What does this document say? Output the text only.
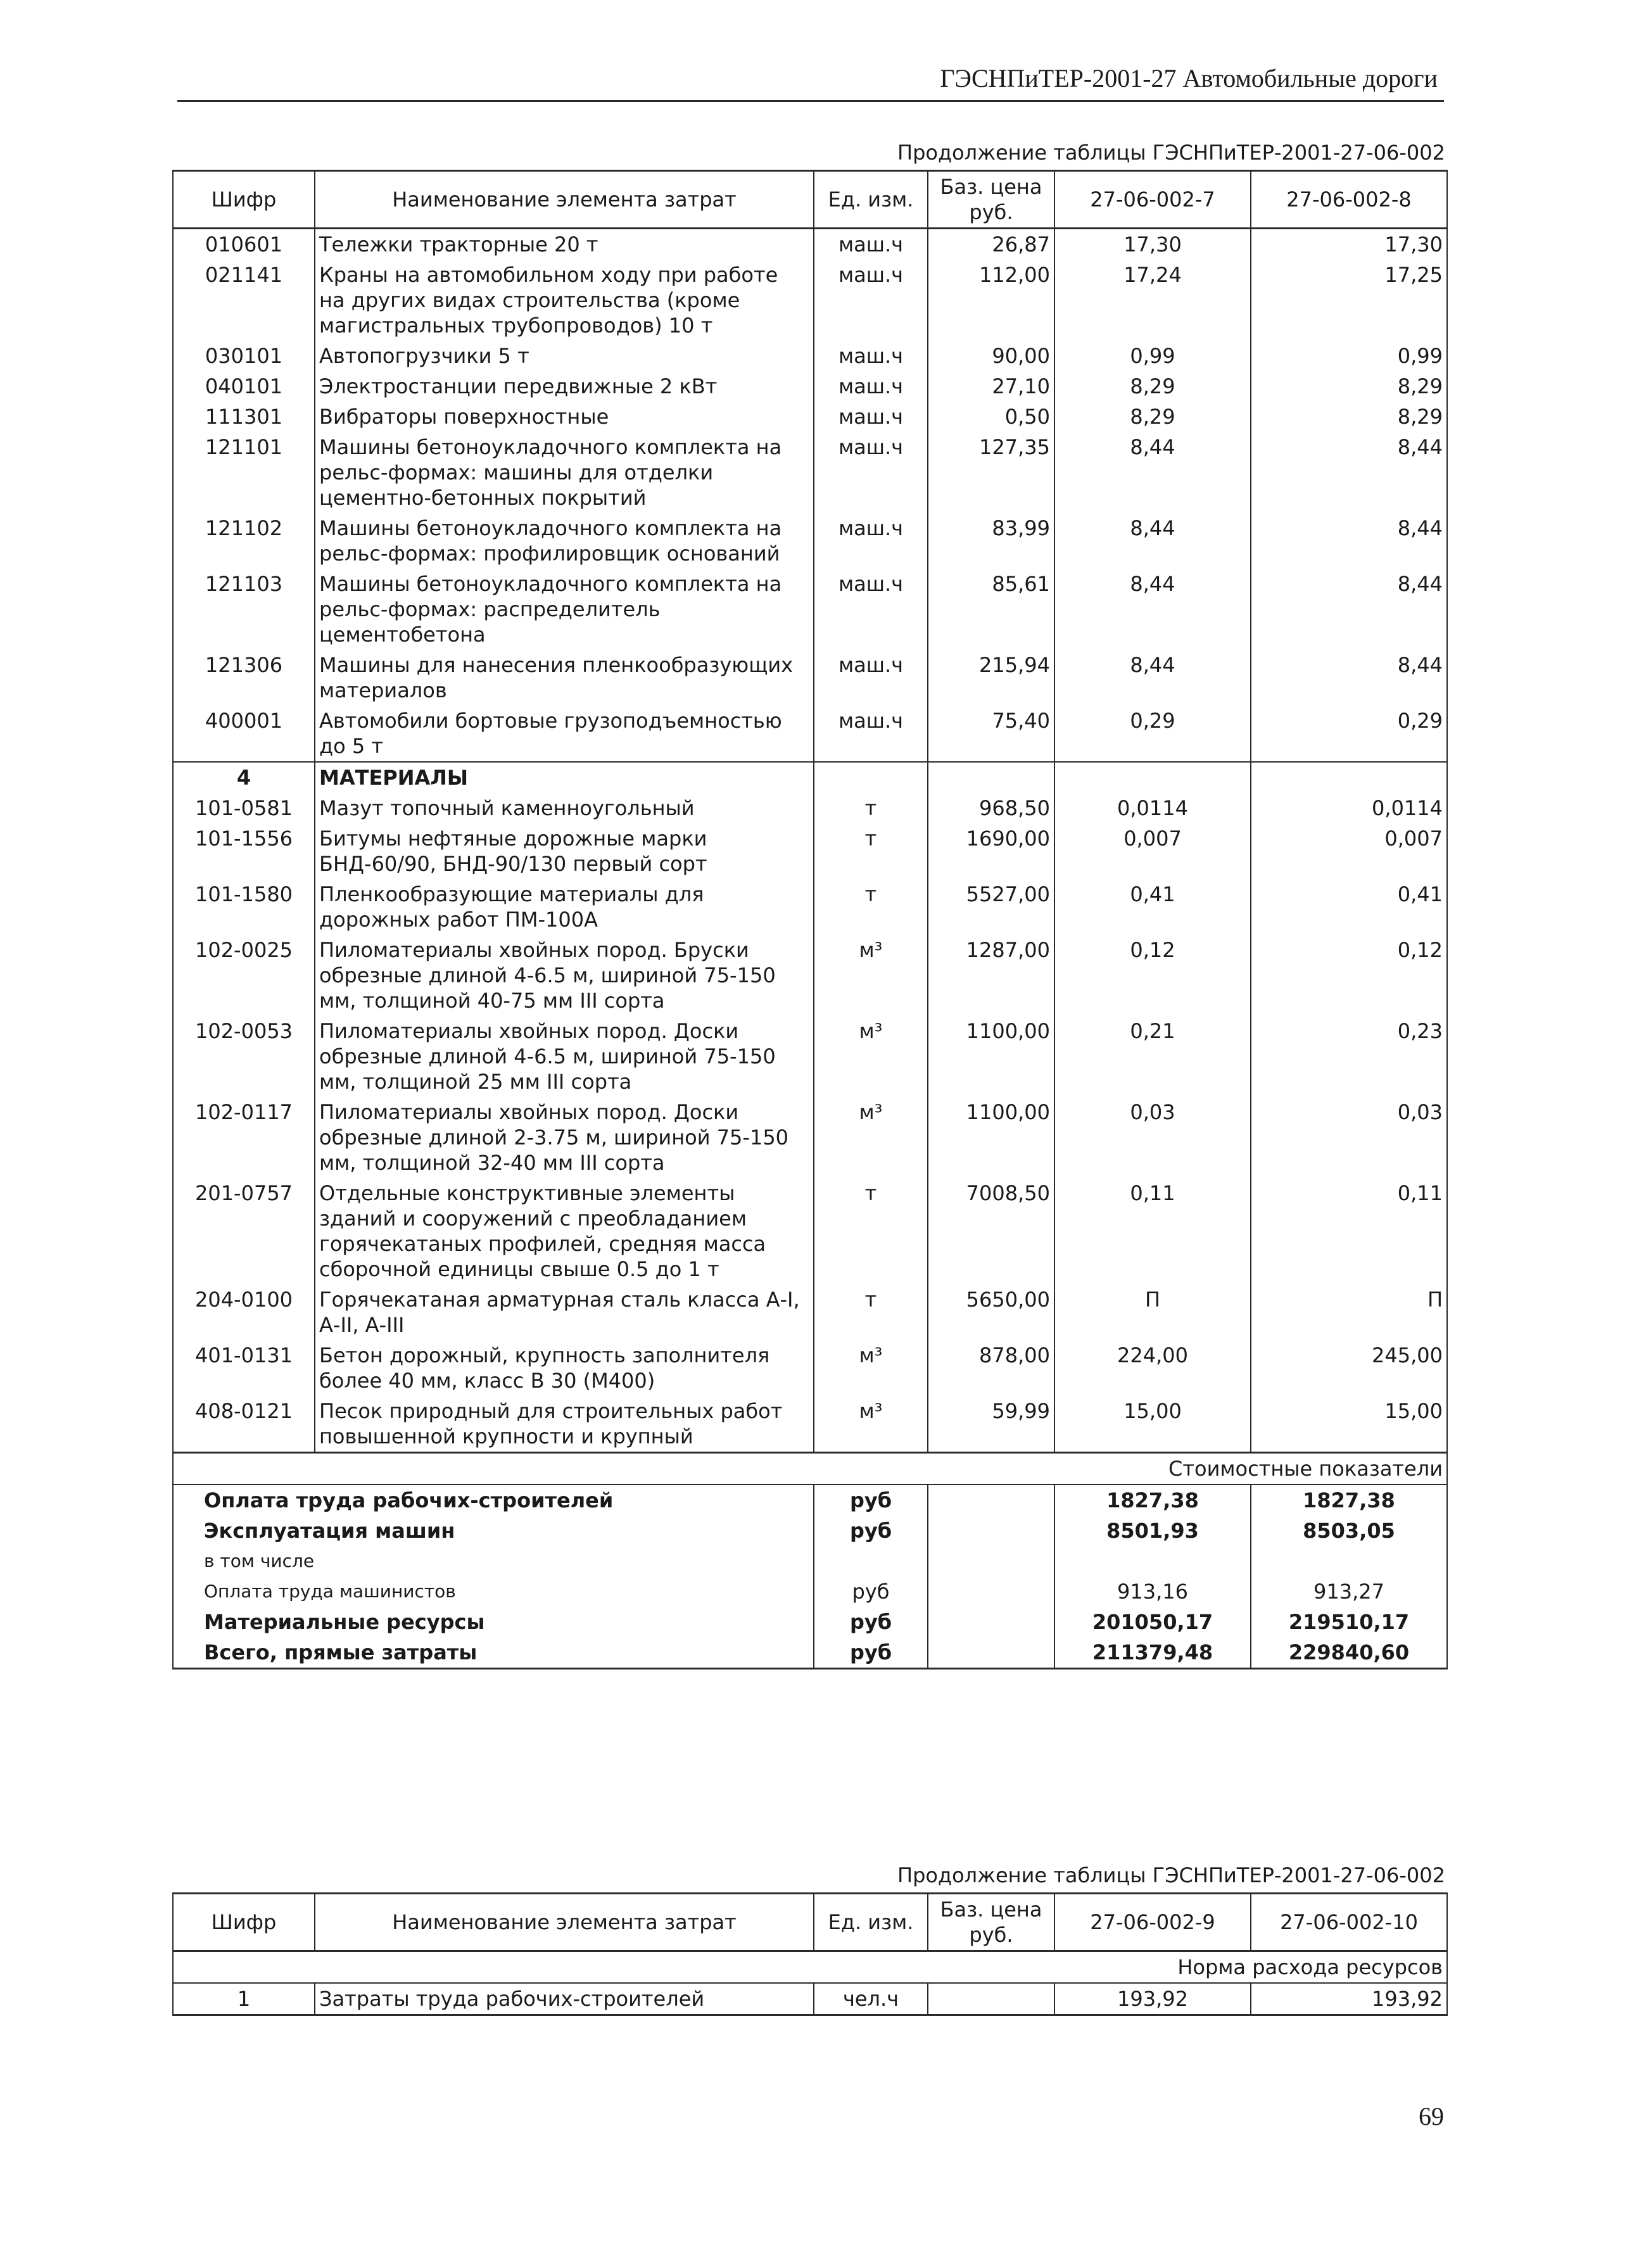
ГЭСНПиТЕР-2001-27 Автомобильные дороги
Продолжение таблицы ГЭСНПиТЕР-2001-27-06-002
Шифр	Наименование элемента затрат	Ед. изм.	Баз. цена руб.	27-06-002-7	27-06-002-8
010601	Тележки тракторные 20 т	маш.ч	26,87	17,30	17,30
021141	Краны на автомобильном ходу при работе на других видах строительства (кроме магистральных трубопроводов) 10 т	маш.ч	112,00	17,24	17,25
030101	Автопогрузчики 5 т	маш.ч	90,00	0,99	0,99
040101	Электростанции передвижные 2 кВт	маш.ч	27,10	8,29	8,29
111301	Вибраторы поверхностные	маш.ч	0,50	8,29	8,29
121101	Машины бетоноукладочного комплекта на рельс-формах: машины для отделки цементно-бетонных покрытий	маш.ч	127,35	8,44	8,44
121102	Машины бетоноукладочного комплекта на рельс-формах: профилировщик оснований	маш.ч	83,99	8,44	8,44
121103	Машины бетоноукладочного комплекта на рельс-формах: распределитель цементобетона	маш.ч	85,61	8,44	8,44
121306	Машины для нанесения пленкообразующих материалов	маш.ч	215,94	8,44	8,44
400001	Автомобили бортовые грузоподъемностью до 5 т	маш.ч	75,40	0,29	0,29
4	МАТЕРИАЛЫ				
101-0581	Мазут топочный каменноугольный	т	968,50	0,0114	0,0114
101-1556	Битумы нефтяные дорожные марки БНД-60/90, БНД-90/130 первый сорт	т	1690,00	0,007	0,007
101-1580	Пленкообразующие материалы для дорожных работ ПМ-100А	т	5527,00	0,41	0,41
102-0025	Пиломатериалы хвойных пород. Бруски обрезные длиной 4-6.5 м, шириной 75-150 мм, толщиной 40-75 мм III сорта	м³	1287,00	0,12	0,12
102-0053	Пиломатериалы хвойных пород. Доски обрезные длиной 4-6.5 м, шириной 75-150 мм, толщиной 25 мм III сорта	м³	1100,00	0,21	0,23
102-0117	Пиломатериалы хвойных пород. Доски обрезные длиной 2-3.75 м, шириной 75-150 мм, толщиной 32-40 мм III сорта	м³	1100,00	0,03	0,03
201-0757	Отдельные конструктивные элементы зданий и сооружений с преобладанием горячекатаных профилей, средняя масса сборочной единицы свыше 0.5 до 1 т	т	7008,50	0,11	0,11
204-0100	Горячекатаная арматурная сталь класса А-I, А-II, А-III	т	5650,00	П	П
401-0131	Бетон дорожный, крупность заполнителя более 40 мм, класс В 30 (М400)	м³	878,00	224,00	245,00
408-0121	Песок природный для строительных работ повышенной крупности и крупный	м³	59,99	15,00	15,00
Стоимостные показатели					
Оплата труда рабочих-строителей		руб		1827,38	1827,38
Эксплуатация машин		руб		8501,93	8503,05
в том числе					
Оплата труда машинистов		руб		913,16	913,27
Материальные ресурсы		руб		201050,17	219510,17
Всего, прямые затраты		руб		211379,48	229840,60
Продолжение таблицы ГЭСНПиТЕР-2001-27-06-002
Шифр	Наименование элемента затрат	Ед. изм.	Баз. цена руб.	27-06-002-9	27-06-002-10
Норма расхода ресурсов					
1	Затраты труда рабочих-строителей	чел.ч		193,92	193,92
69
